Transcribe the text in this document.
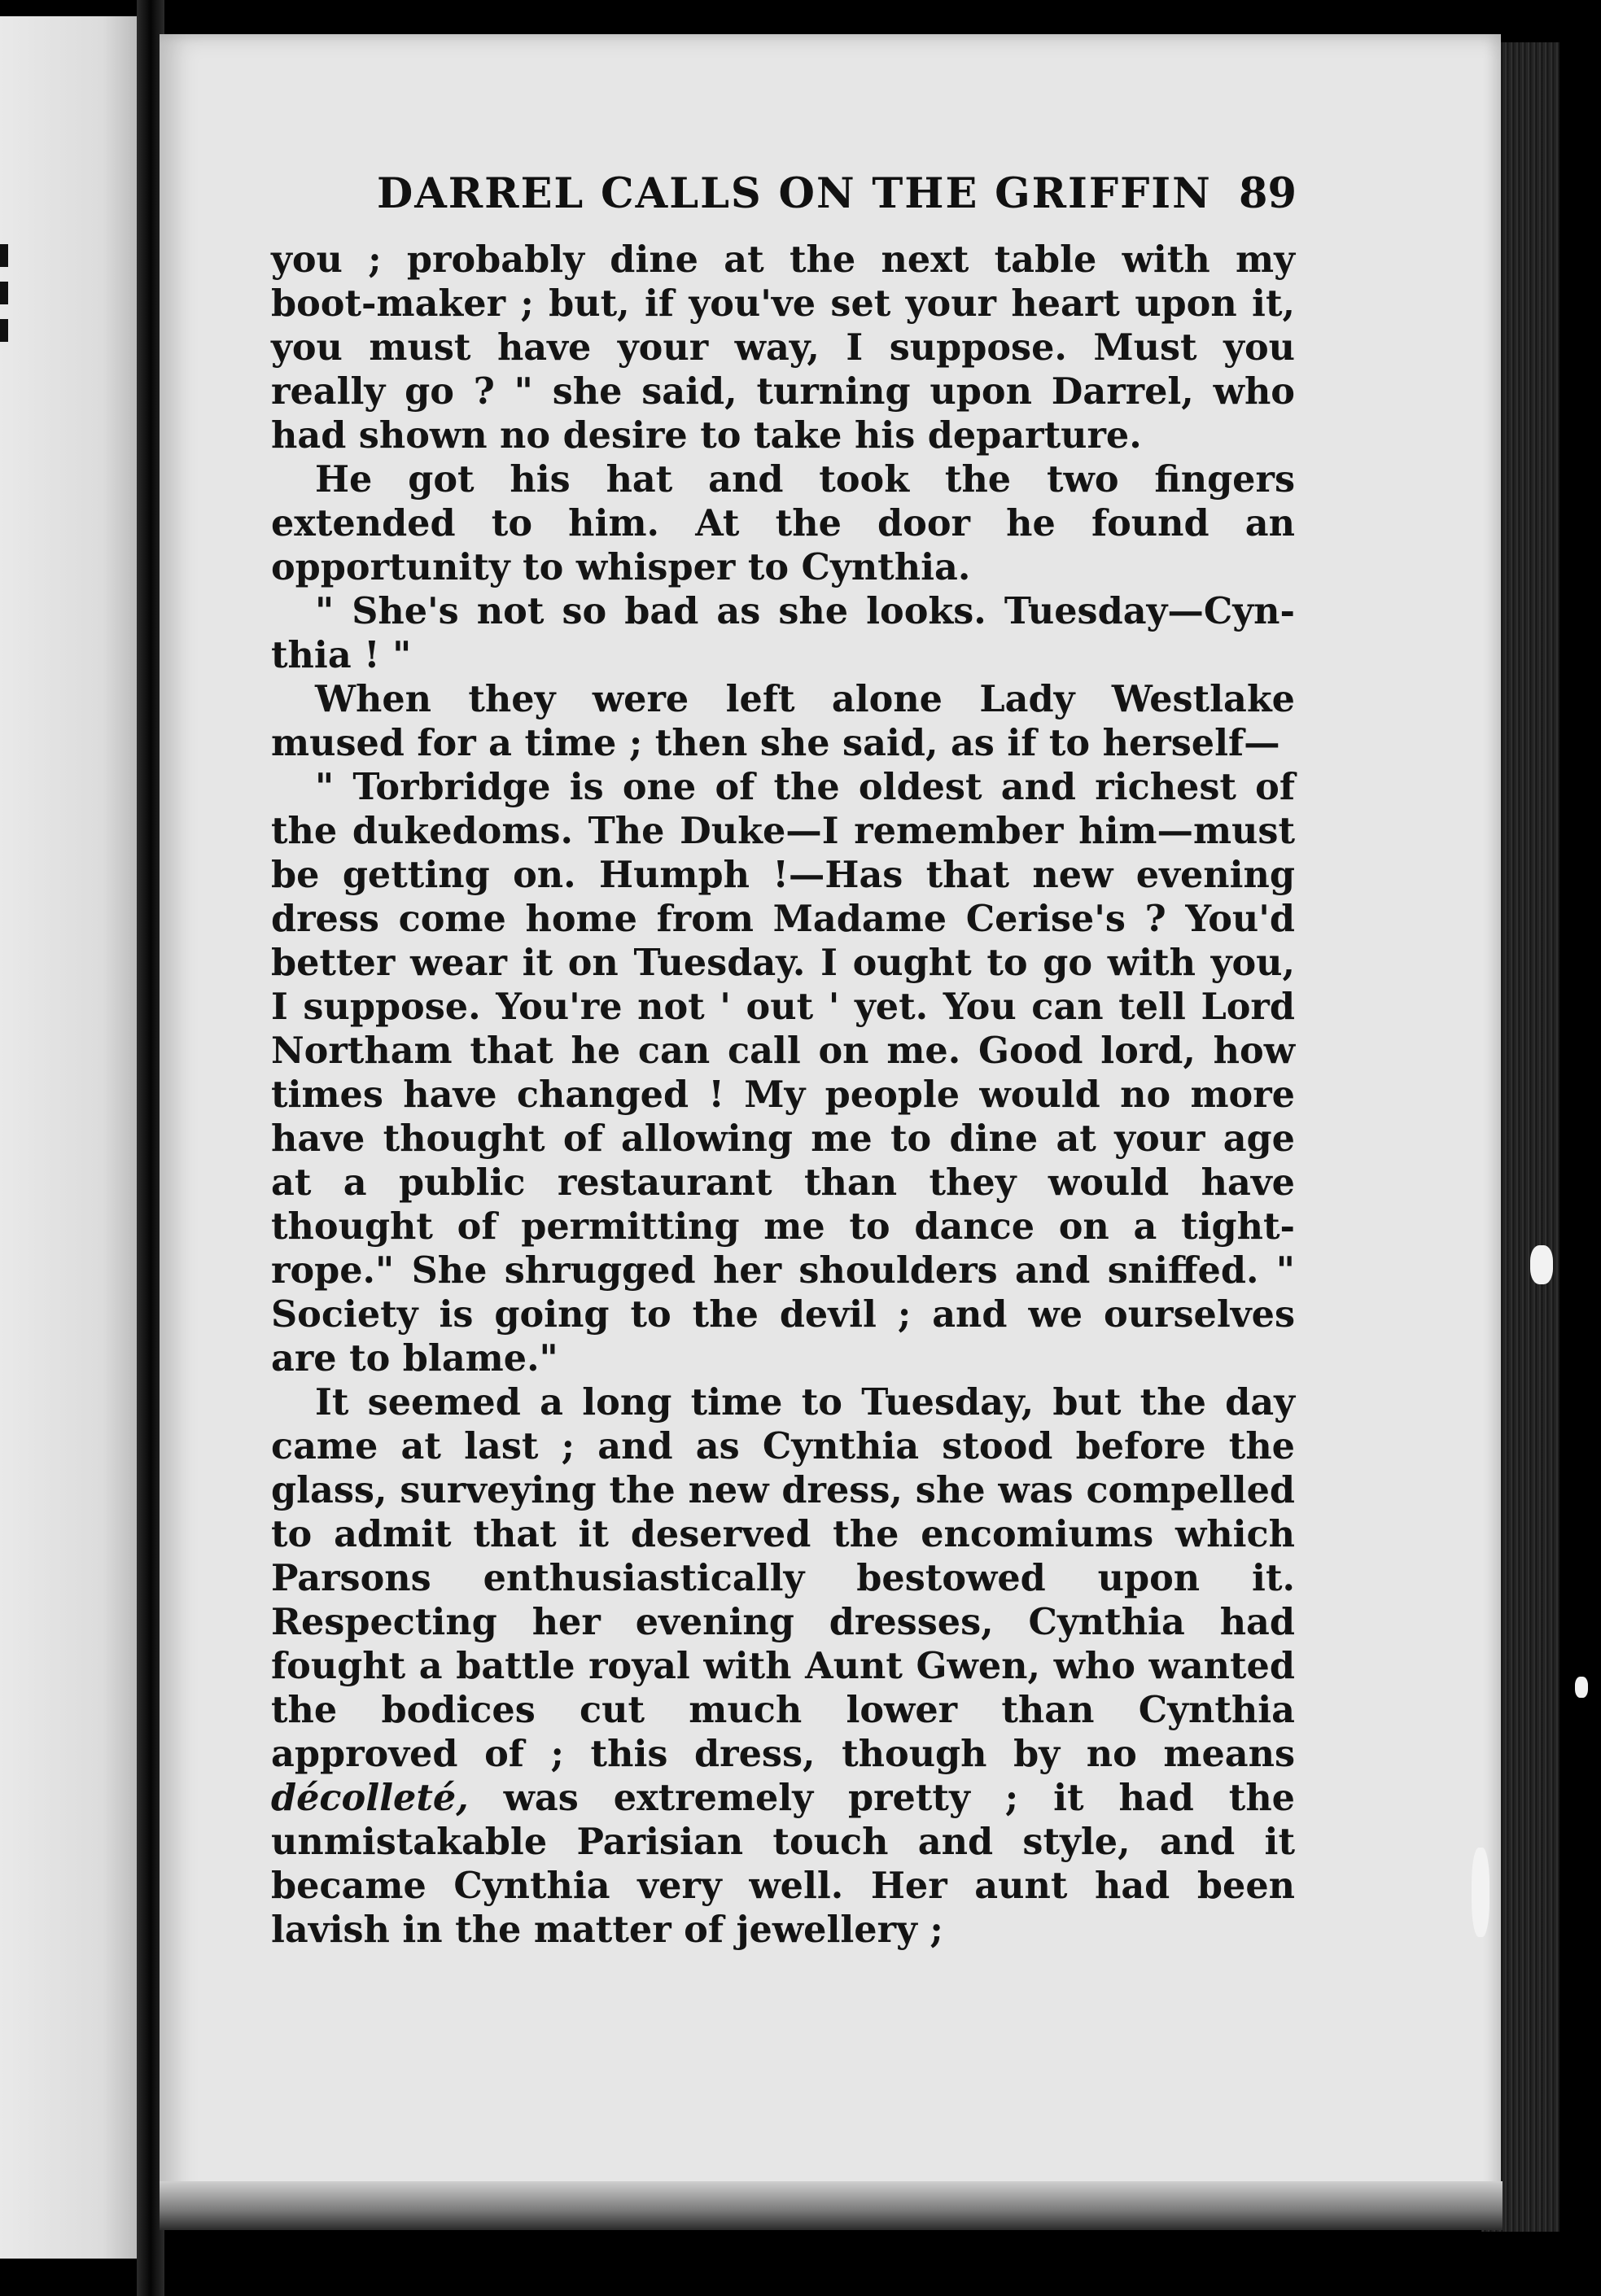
DARREL CALLS ON THE GRIFFIN 89

you ; probably dine at the next table with my boot-maker ; but, if you've set your heart upon it, you must have your way, I suppose. Must you really go ? " she said, turning upon Darrel, who had shown no desire to take his departure.

He got his hat and took the two fingers extended to him. At the door he found an opportunity to whisper to Cynthia.

" She's not so bad as she looks. Tuesday—Cyn-thia ! "

When they were left alone Lady Westlake mused for a time ; then she said, as if to herself—

" Torbridge is one of the oldest and richest of the dukedoms. The Duke—I remember him—must be getting on. Humph !—Has that new evening dress come home from Madame Cerise's ? You'd better wear it on Tuesday. I ought to go with you, I suppose. You're not ' out ' yet. You can tell Lord Northam that he can call on me. Good lord, how times have changed ! My people would no more have thought of allowing me to dine at your age at a public restaurant than they would have thought of permitting me to dance on a tight-rope." She shrugged her shoulders and sniffed. " Society is going to the devil ; and we ourselves are to blame."

It seemed a long time to Tuesday, but the day came at last ; and as Cynthia stood before the glass, surveying the new dress, she was compelled to admit that it deserved the encomiums which Parsons enthusiastically bestowed upon it. Respecting her evening dresses, Cynthia had fought a battle royal with Aunt Gwen, who wanted the bodices cut much lower than Cynthia approved of ; this dress, though by no means décolleté, was extremely pretty ; it had the unmistakable Parisian touch and style, and it became Cynthia very well. Her aunt had been lavish in the matter of jewellery ;
